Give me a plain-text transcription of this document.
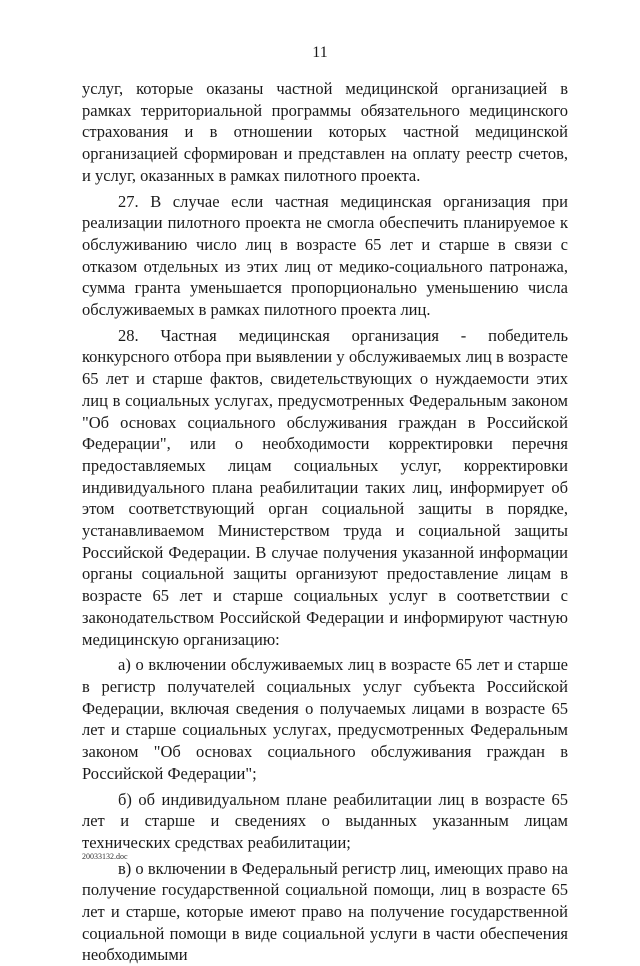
11

услуг, которые оказаны частной медицинской организацией в рамках территориальной программы обязательного медицинского страхования и в отношении которых частной медицинской организацией сформирован и представлен на оплату реестр счетов, и услуг, оказанных в рамках пилотного проекта.

27. В случае если частная медицинская организация при реализации пилотного проекта не смогла обеспечить планируемое к обслуживанию число лиц в возрасте 65 лет и старше в связи с отказом отдельных из этих лиц от медико-социального патронажа, сумма гранта уменьшается пропорционально уменьшению числа обслуживаемых в рамках пилотного проекта лиц.

28. Частная медицинская организация - победитель конкурсного отбора при выявлении у обслуживаемых лиц в возрасте 65 лет и старше фактов, свидетельствующих о нуждаемости этих лиц в социальных услугах, предусмотренных Федеральным законом "Об основах социального обслуживания граждан в Российской Федерации", или о необходимости корректировки перечня предоставляемых лицам социальных услуг, корректировки индивидуального плана реабилитации таких лиц, информирует об этом соответствующий орган социальной защиты в порядке, устанавливаемом Министерством труда и социальной защиты Российской Федерации. В случае получения указанной информации органы социальной защиты организуют предоставление лицам в возрасте 65 лет и старше социальных услуг в соответствии с законодательством Российской Федерации и информируют частную медицинскую организацию:

а) о включении обслуживаемых лиц в возрасте 65 лет и старше в регистр получателей социальных услуг субъекта Российской Федерации, включая сведения о получаемых лицами в возрасте 65 лет и старше социальных услугах, предусмотренных Федеральным законом "Об основах социального обслуживания граждан в Российской Федерации";

б) об индивидуальном плане реабилитации лиц в возрасте 65 лет и старше и сведениях о выданных указанным лицам технических средствах реабилитации;

в) о включении в Федеральный регистр лиц, имеющих право на получение государственной социальной помощи, лиц в возрасте 65 лет и старше, которые имеют право на получение государственной социальной помощи в виде социальной услуги в части обеспечения необходимыми

20033132.doc
